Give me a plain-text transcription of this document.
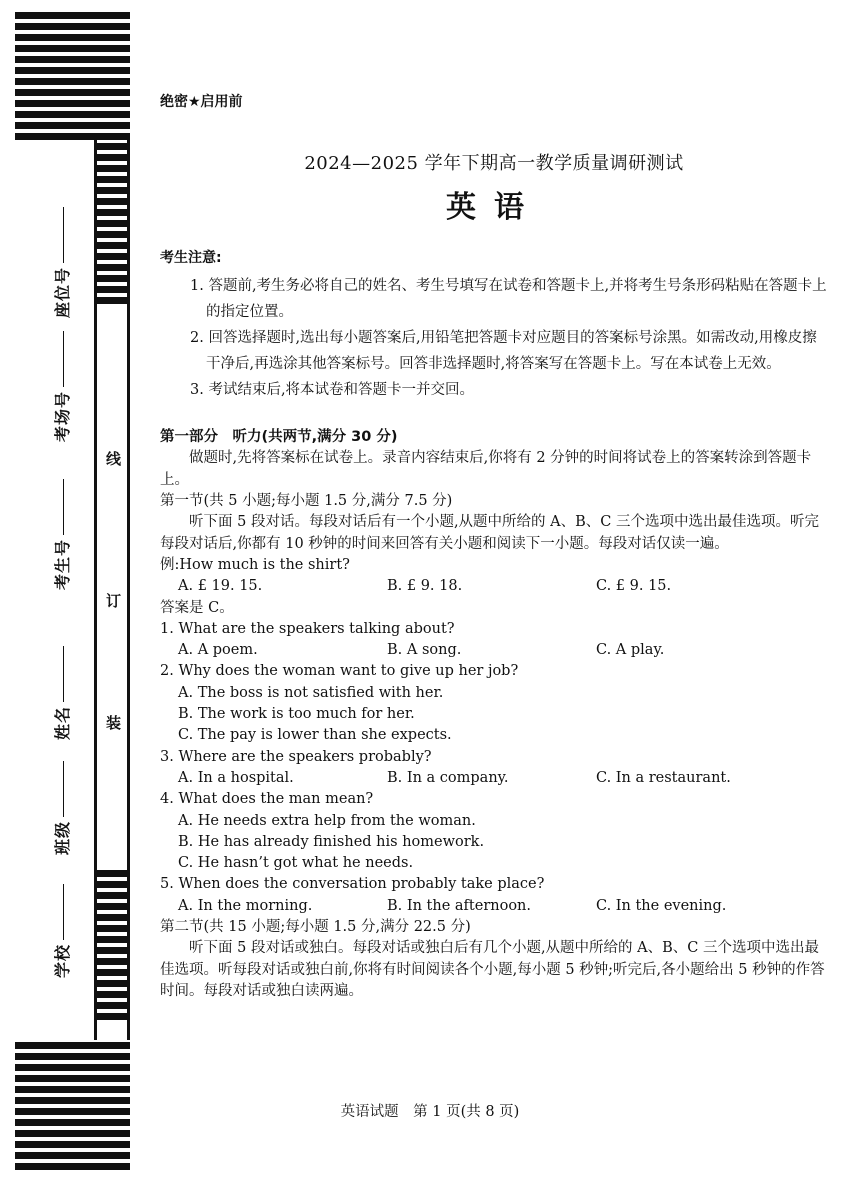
座位号
考场号
考生号
姓名
班级
学校
线
订
装
绝密★启用前
2024—2025 学年下期高一教学质量调研测试
英语
考生注意:

1. 答题前,考生务必将自己的姓名、考生号填写在试卷和答题卡上,并将考生号条形码粘贴在答题卡上的指定位置。

2. 回答选择题时,选出每小题答案后,用铅笔把答题卡对应题目的答案标号涂黑。如需改动,用橡皮擦干净后,再选涂其他答案标号。回答非选择题时,将答案写在答题卡上。写在本试卷上无效。

3. 考试结束后,将本试卷和答题卡一并交回。

第一部分　听力(共两节,满分 30 分)

做题时,先将答案标在试卷上。录音内容结束后,你将有 2 分钟的时间将试卷上的答案转涂到答题卡上。

第一节(共 5 小题;每小题 1.5 分,满分 7.5 分)

听下面 5 段对话。每段对话后有一个小题,从题中所给的 A、B、C 三个选项中选出最佳选项。听完每段对话后,你都有 10 秒钟的时间来回答有关小题和阅读下一小题。每段对话仅读一遍。

例:How much is the shirt?

A. £ 19. 15.	B. £ 9. 18.	C. £ 9. 15.

答案是 C。

1. What are the speakers talking about?

A. A poem.	B. A song.	C. A play.

2. Why does the woman want to give up her job?

A. The boss is not satisfied with her.

B. The work is too much for her.

C. The pay is lower than she expects.

3. Where are the speakers probably?

A. In a hospital.	B. In a company.	C. In a restaurant.

4. What does the man mean?

A. He needs extra help from the woman.

B. He has already finished his homework.

C. He hasn’t got what he needs.

5. When does the conversation probably take place?

A. In the morning.	B. In the afternoon.	C. In the evening.

第二节(共 15 小题;每小题 1.5 分,满分 22.5 分)

听下面 5 段对话或独白。每段对话或独白后有几个小题,从题中所给的 A、B、C 三个选项中选出最佳选项。听每段对话或独白前,你将有时间阅读各个小题,每小题 5 秒钟;听完后,各小题给出 5 秒钟的作答时间。每段对话或独白读两遍。

英语试题　第 1 页(共 8 页)
